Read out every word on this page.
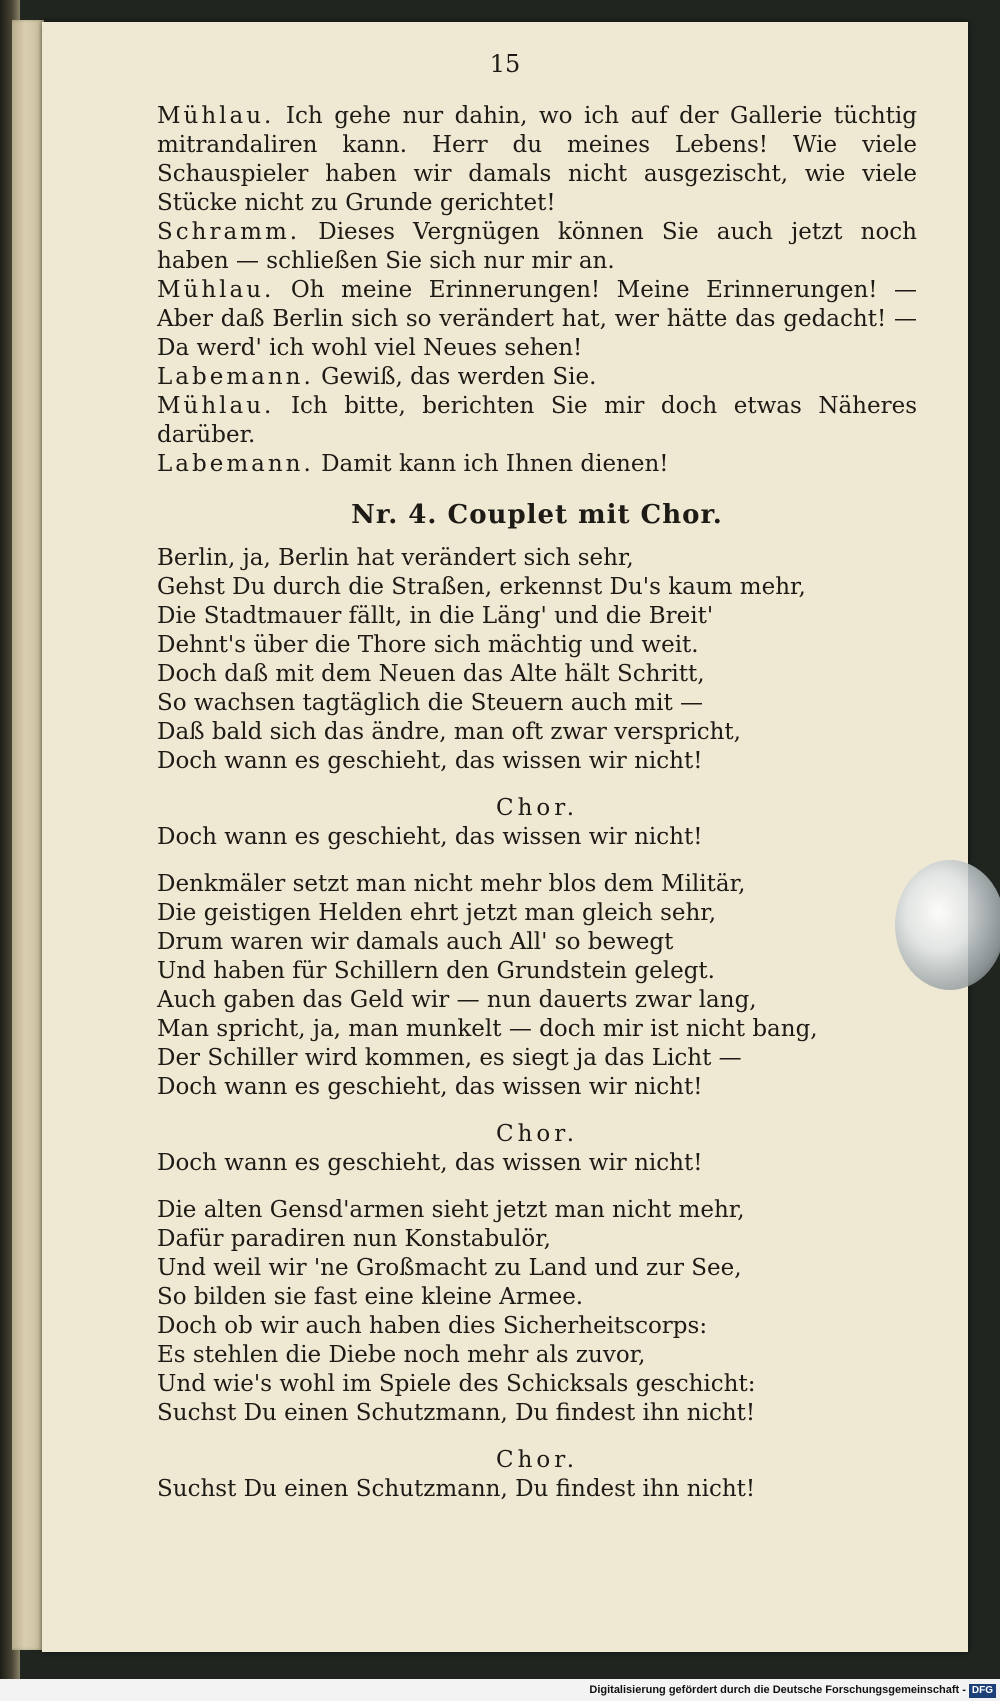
15

Mühlau. Ich gehe nur dahin, wo ich auf der Gallerie tüchtig mitrandaliren kann. Herr du meines Lebens! Wie viele Schauspieler haben wir damals nicht ausgezischt, wie viele Stücke nicht zu Grunde gerichtet!

Schramm. Dieses Vergnügen können Sie auch jetzt noch haben — schließen Sie sich nur mir an.

Mühlau. Oh meine Erinnerungen! Meine Erinnerungen! — Aber daß Berlin sich so verändert hat, wer hätte das gedacht! — Da werd' ich wohl viel Neues sehen!

Labemann. Gewiß, das werden Sie.

Mühlau. Ich bitte, berichten Sie mir doch etwas Näheres darüber.

Labemann. Damit kann ich Ihnen dienen!

Nr. 4. Couplet mit Chor.
Berlin, ja, Berlin hat verändert sich sehr,
Gehst Du durch die Straßen, erkennst Du's kaum mehr,
Die Stadtmauer fällt, in die Läng' und die Breit'
Dehnt's über die Thore sich mächtig und weit.
Doch daß mit dem Neuen das Alte hält Schritt,
So wachsen tagtäglich die Steuern auch mit —
Daß bald sich das ändre, man oft zwar verspricht,
Doch wann es geschieht, das wissen wir nicht!
Chor.
Doch wann es geschieht, das wissen wir nicht!
Denkmäler setzt man nicht mehr blos dem Militär,
Die geistigen Helden ehrt jetzt man gleich sehr,
Drum waren wir damals auch All' so bewegt
Und haben für Schillern den Grundstein gelegt.
Auch gaben das Geld wir — nun dauerts zwar lang,
Man spricht, ja, man munkelt — doch mir ist nicht bang,
Der Schiller wird kommen, es siegt ja das Licht —
Doch wann es geschieht, das wissen wir nicht!
Chor.
Doch wann es geschieht, das wissen wir nicht!
Die alten Gensd'armen sieht jetzt man nicht mehr,
Dafür paradiren nun Konstabulör,
Und weil wir 'ne Großmacht zu Land und zur See,
So bilden sie fast eine kleine Armee.
Doch ob wir auch haben dies Sicherheitscorps:
Es stehlen die Diebe noch mehr als zuvor,
Und wie's wohl im Spiele des Schicksals geschicht:
Suchst Du einen Schutzmann, Du findest ihn nicht!
Chor.
Suchst Du einen Schutzmann, Du findest ihn nicht!
Digitalisierung gefördert durch die Deutsche Forschungsgemeinschaft - DFG
